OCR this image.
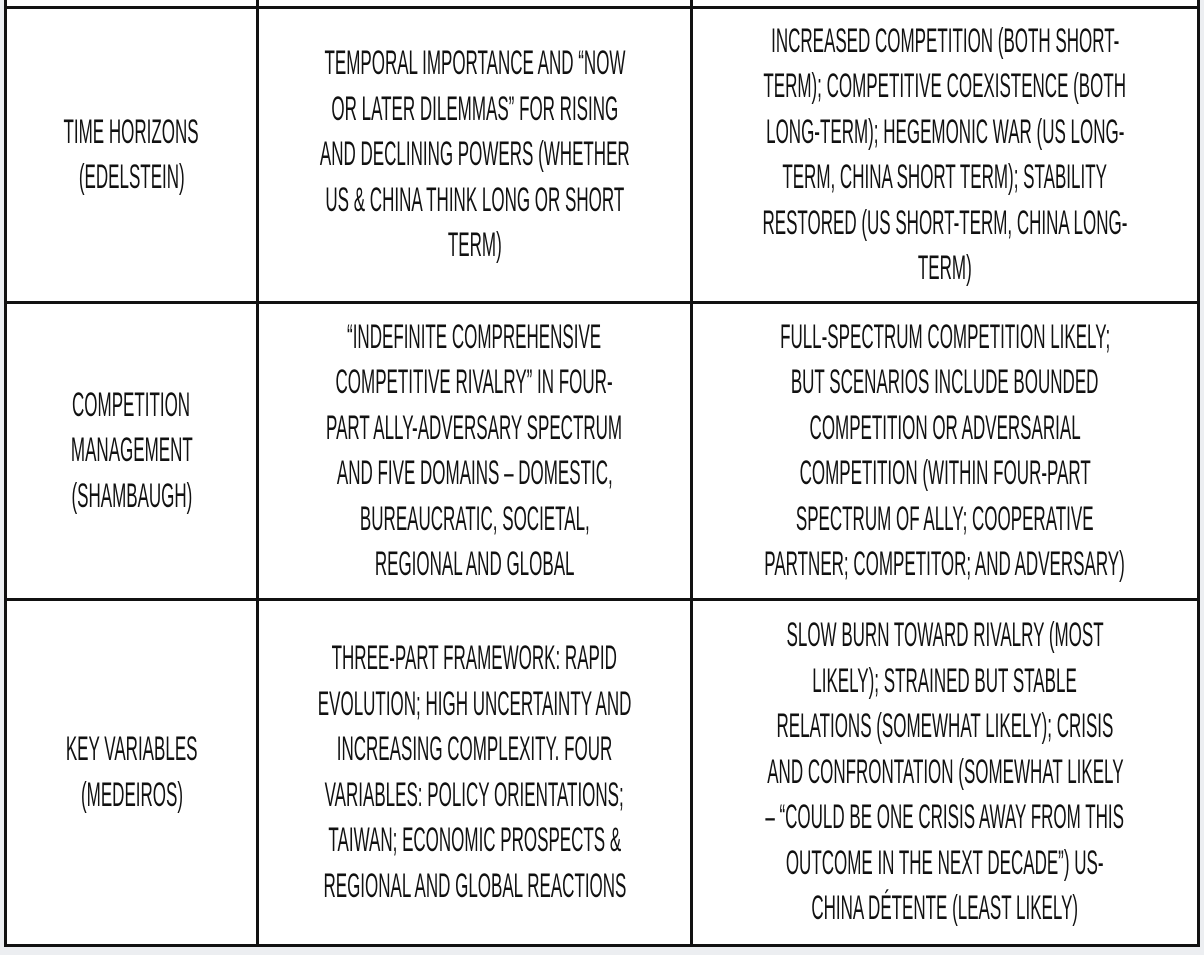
TIME HORIZONS
(EDELSTEIN)
TEMPORAL IMPORTANCE AND “NOW
OR LATER DILEMMAS” FOR RISING
AND DECLINING POWERS (WHETHER
US & CHINA THINK LONG OR SHORT
TERM)
INCREASED COMPETITION (BOTH SHORT-
TERM); COMPETITIVE COEXISTENCE (BOTH
LONG-TERM); HEGEMONIC WAR (US LONG-
TERM, CHINA SHORT TERM); STABILITY
RESTORED (US SHORT-TERM, CHINA LONG-
TERM)
COMPETITION
MANAGEMENT
(SHAMBAUGH)
“INDEFINITE COMPREHENSIVE
COMPETITIVE RIVALRY” IN FOUR-
PART ALLY-ADVERSARY SPECTRUM
AND FIVE DOMAINS – DOMESTIC,
BUREAUCRATIC, SOCIETAL,
REGIONAL AND GLOBAL
FULL-SPECTRUM COMPETITION LIKELY;
BUT SCENARIOS INCLUDE BOUNDED
COMPETITION OR ADVERSARIAL
COMPETITION (WITHIN FOUR-PART
SPECTRUM OF ALLY; COOPERATIVE
PARTNER; COMPETITOR; AND ADVERSARY)
KEY VARIABLES
(MEDEIROS)
THREE-PART FRAMEWORK: RAPID
EVOLUTION; HIGH UNCERTAINTY AND
INCREASING COMPLEXITY. FOUR
VARIABLES: POLICY ORIENTATIONS;
TAIWAN; ECONOMIC PROSPECTS &
REGIONAL AND GLOBAL REACTIONS
SLOW BURN TOWARD RIVALRY (MOST
LIKELY); STRAINED BUT STABLE
RELATIONS (SOMEWHAT LIKELY); CRISIS
AND CONFRONTATION (SOMEWHAT LIKELY
– “COULD BE ONE CRISIS AWAY FROM THIS
OUTCOME IN THE NEXT DECADE”) US-
CHINA DÉTENTE (LEAST LIKELY)
